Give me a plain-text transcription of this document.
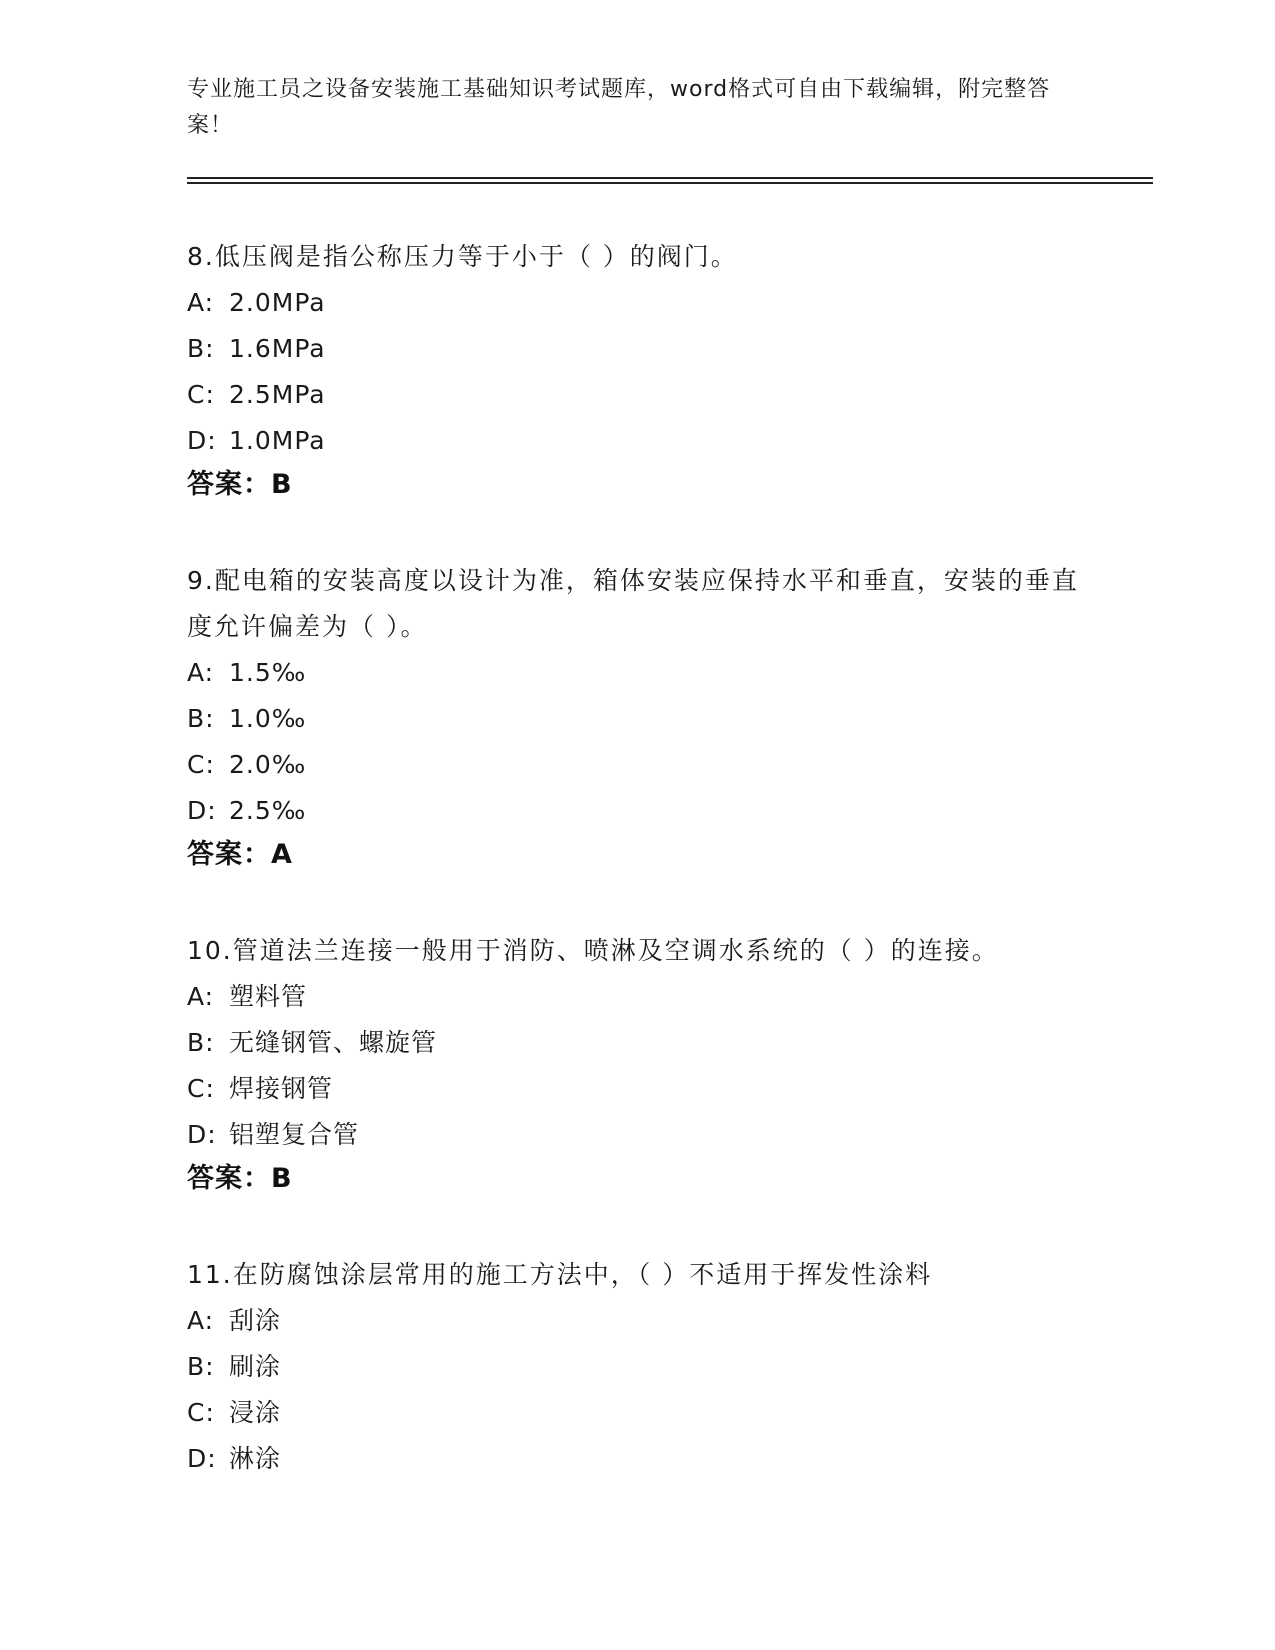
专业施工员之设备安装施工基础知识考试题库，word格式可自由下载编辑，附完整答案！

8.低压阀是指公称压力等于小于（ ）的阀门。

A: 2.0MPa
B: 1.6MPa
C: 2.5MPa
D: 1.0MPa
答案：B

9.配电箱的安装高度以设计为准，箱体安装应保持水平和垂直，安装的垂直度允许偏差为（ ）。

A: 1.5‰
B: 1.0‰
C: 2.0‰
D: 2.5‰
答案：A

10.管道法兰连接一般用于消防、喷淋及空调水系统的（ ）的连接。

A: 塑料管
B: 无缝钢管、螺旋管
C: 焊接钢管
D: 铝塑复合管
答案：B

11.在防腐蚀涂层常用的施工方法中，（ ）不适用于挥发性涂料

A: 刮涂
B: 刷涂
C: 浸涂
D: 淋涂
